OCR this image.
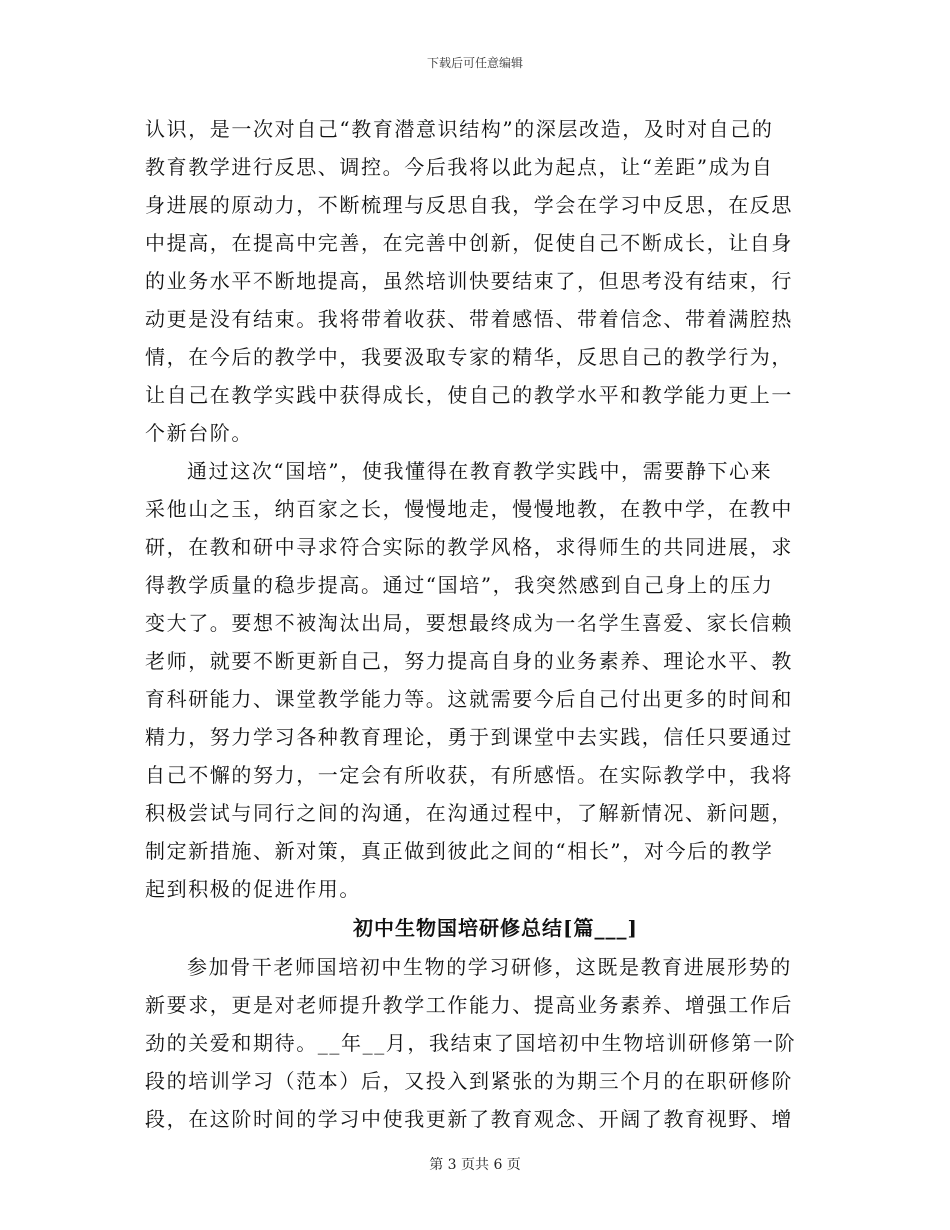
下载后可任意编辑
认识，是一次对自己“教育潜意识结构”的深层改造，及时对自己的
教育教学进行反思、调控。今后我将以此为起点，让“差距”成为自
身进展的原动力，不断梳理与反思自我，学会在学习中反思，在反思
中提高，在提高中完善，在完善中创新，促使自己不断成长，让自身
的业务水平不断地提高，虽然培训快要结束了，但思考没有结束，行
动更是没有结束。我将带着收获、带着感悟、带着信念、带着满腔热
情，在今后的教学中，我要汲取专家的精华，反思自己的教学行为，
让自己在教学实践中获得成长，使自己的教学水平和教学能力更上一
个新台阶。
通过这次“国培”，使我懂得在教育教学实践中，需要静下心来
采他山之玉，纳百家之长，慢慢地走，慢慢地教，在教中学，在教中
研，在教和研中寻求符合实际的教学风格，求得师生的共同进展，求
得教学质量的稳步提高。通过“国培”，我突然感到自己身上的压力
变大了。要想不被淘汰出局，要想最终成为一名学生喜爱、家长信赖
老师，就要不断更新自己，努力提高自身的业务素养、理论水平、教
育科研能力、课堂教学能力等。这就需要今后自己付出更多的时间和
精力，努力学习各种教育理论，勇于到课堂中去实践，信任只要通过
自己不懈的努力，一定会有所收获，有所感悟。在实际教学中，我将
积极尝试与同行之间的沟通，在沟通过程中，了解新情况、新问题，
制定新措施、新对策，真正做到彼此之间的“相长”，对今后的教学
起到积极的促进作用。
初中生物国培研修总结[篇___]
参加骨干老师国培初中生物的学习研修，这既是教育进展形势的
新要求，更是对老师提升教学工作能力、提高业务素养、增强工作后
劲的关爱和期待。__年__月，我结束了国培初中生物培训研修第一阶
段的培训学习（范本）后，又投入到紧张的为期三个月的在职研修阶
段，在这阶时间的学习中使我更新了教育观念、开阔了教育视野、增
第 3 页共 6 页
